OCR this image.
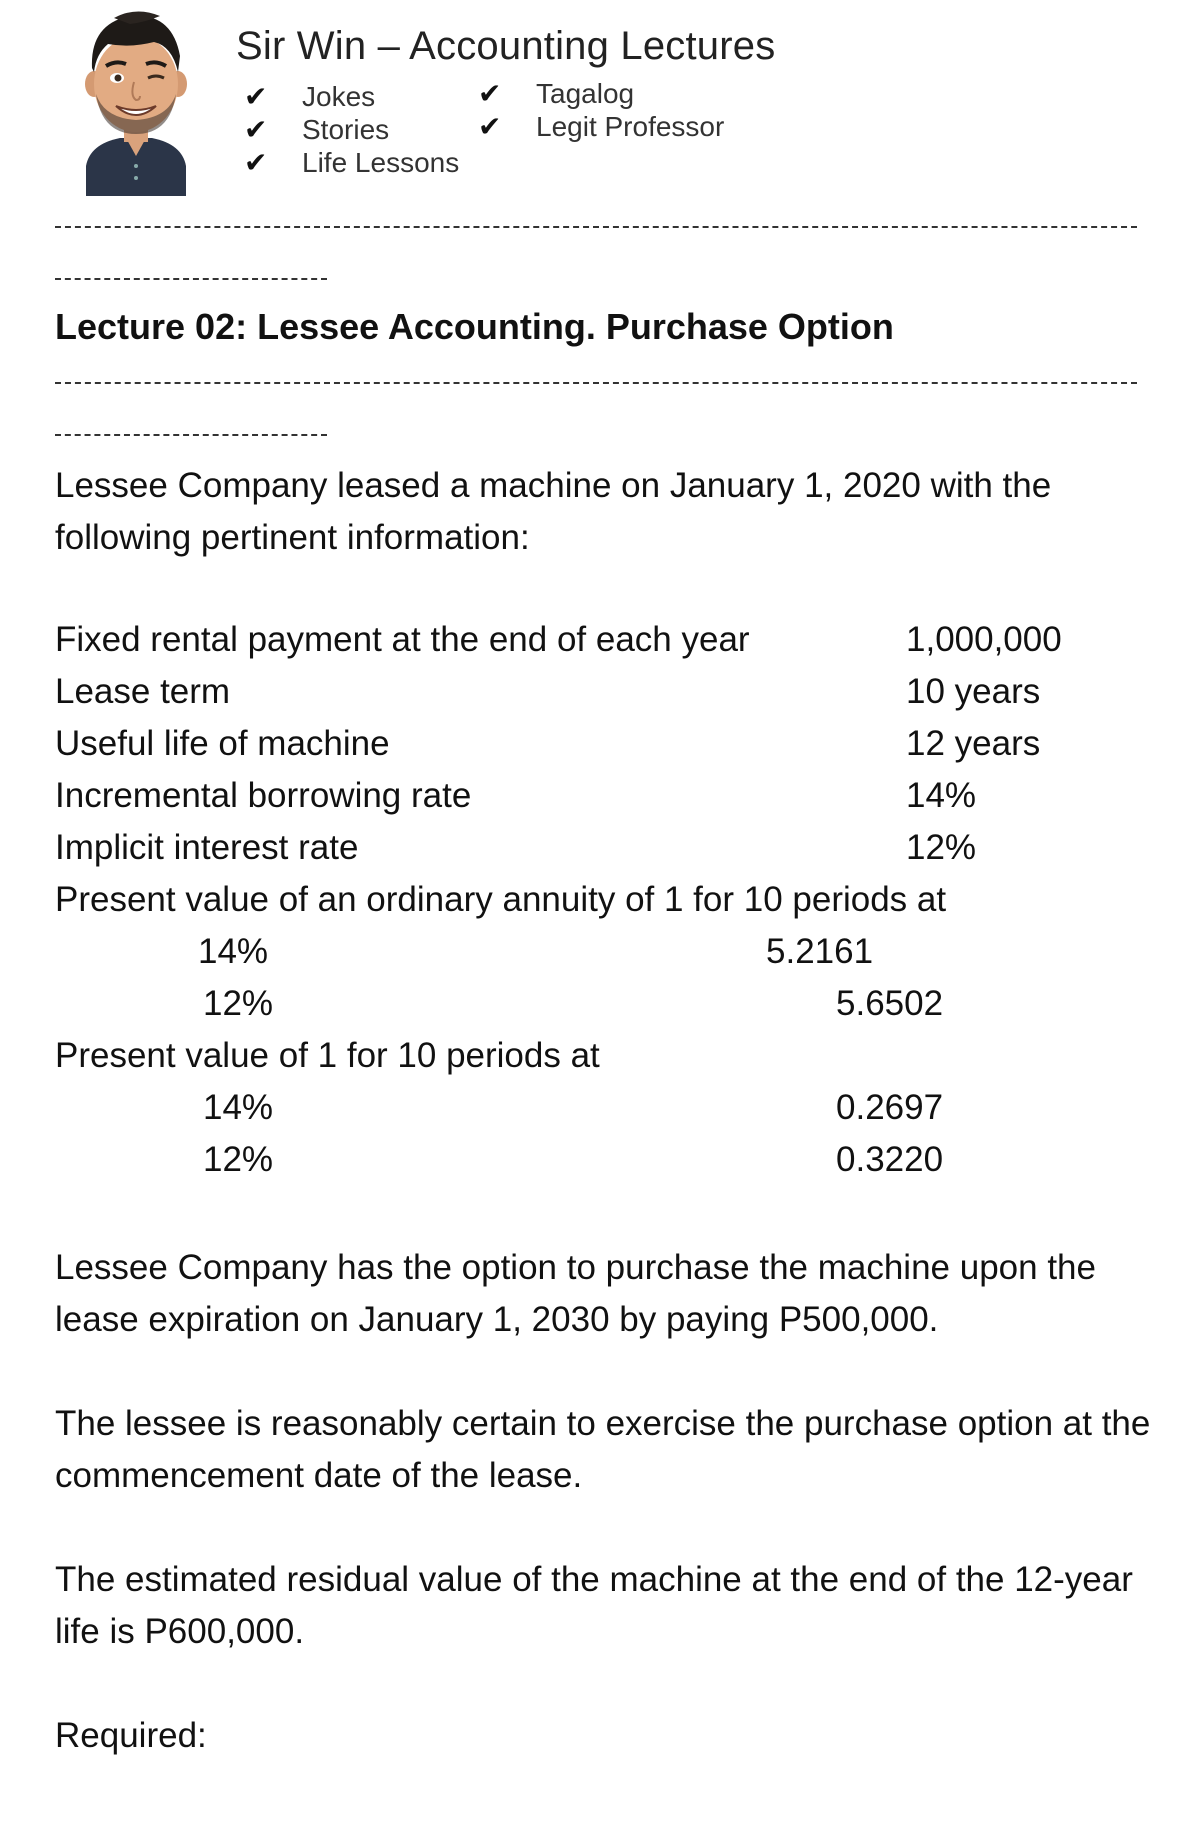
Sir Win – Accounting Lectures
✔ Jokes
✔ Stories
✔ Life Lessons
✔ Tagalog
✔ Legit Professor
Lecture 02: Lessee Accounting. Purchase Option
Lessee Company leased a machine on January 1, 2020 with the following pertinent information:
Fixed rental payment at the end of each year	1,000,000
Lease term	10 years
Useful life of machine	12 years
Incremental borrowing rate	14%
Implicit interest rate	12%
Present value of an ordinary annuity of 1 for 10 periods at
14%	5.2161
12%	5.6502
Present value of 1 for 10 periods at
14%	0.2697
12%	0.3220
Lessee Company has the option to purchase the machine upon the lease expiration on January 1, 2030 by paying P500,000.
The lessee is reasonably certain to exercise the purchase option at the commencement date of the lease.
The estimated residual value of the machine at the end of the 12-year life is P600,000.
Required:
